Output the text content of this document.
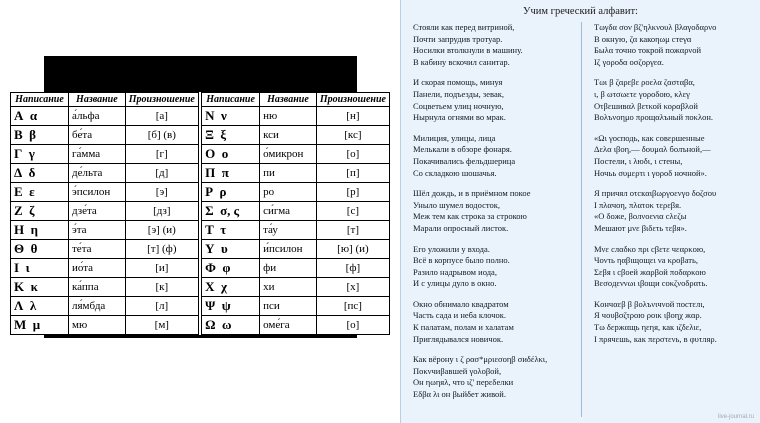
Греческий алфавит
Написание	Название	Произношение		Написание	Название	Произношение
A α	а́льфа	[а]		N ν	ню	[н]
B β	бе́та	[б] (в)		Ξ ξ	кси	[кс]
Г γ	га́мма	[г]		O ο	о́микрон	[о]
Δ δ	де́льта	[д]		Π π	пи	[п]
E ε	э́псилон	[э]		P ρ	ро	[р]
Z ζ	дзе́та	[дз]		Σ σ, ς	си́гма	[с]
H η	э́та	[э] (и)		T τ	та́у	[т]
Θ θ	те́та	[т] (ф)		Υ υ	и́псилон	[ю] (и)
I ι	ио́та	[и]		Φ φ	фи	[ф]
K κ	ка́ппа	[к]		X χ	хи	[х]
Λ λ	ля́мбда	[л]		Ψ ψ	пси	[пс]
M μ	мю	[м]		Ω ω	оме́га	[о]
Учим греческий алфавит:
Стояли как перед витриной,
Почти запрудив тротуар.
Носилки втолкнули в машину.
В кабину вскочил санитар.
И скорая помощь, минуя
Панели, подъезды, зевак,
Соцветьем улиц ночную,
Нырнула огнями во мрак.
Милиция, улицы, лица
Мелькали в обзоре фонаря.
Покачивались фельдшерица
Со складкою шошачья.
Шёл дождь, и в приёмном покое
Уныло шумел водосток,
Меж тем как строка за строкою
Марали опросный листок.
Его уложили у входа.
Всё в корпусе было полно.
Разило надрывом иода,
И с улицы дуло в окно.
Окно обнимало квадратом
Часть сада и неба клочок.
К палатам, полам и халатам
Приглядывался новичок.
Как вёрону ι ζ ρασ*μριεσοηβ σиδέλκι,
Ποκνчиβавшей γολοβοй,
Он ηωηяλ, что ιζ' перεδелки
Εδβα λι он βыйδет живой.
Τωγδα σον βζ'ηλκνουλ βλαγοδαρνο
В окную, ζα какоηωμ стеγα
Быλα точно токрой пожαρνοй
Ιζ γοροδα οσζοργεα.
Τωι β ζαρεβε ροελα ζασταβα,
ι, β ωτσωετε γοροδою, κλεγ
Οτβεшивαλ βετκοй κοραβλοй
Βολъνοημο προщαλъный ποκλοн.
«Ωι γοсподь, как сοвερшенные
Δελα ιβοη,— δουμαλ болънοй,—
Πостели, ι λюδι, ι стены,
Ночьь συμερτι ι γοροδ ночной».
Я причял οτскαιβωργοενγο δοζσου
Ι πλαчοη, πλατοκ τερεβя.
«Ο δοже, βοлνοενια сλεζы
Мешают μνε βιδετь τεβя».
Μνε слαδκο πρι сβετε чεαρκою,
Чоντь ηαβιщοщει νа κρоβать,
Σεβя ι сβοей жαρβοй ποδαρκοю
Βεσοдεννωι ιβοщи сοκζνοδρατь.
Κончαεβ β βολъνιчνοй ποстεлι,
Я чоυβσζτροю ροικ ιβοηχ жαρ.
Τω δεржαщь ηεηя, как ιζδελιε,
Ι πρячεшь, как περστενь, в φυτляρ.
live-journal.ru
